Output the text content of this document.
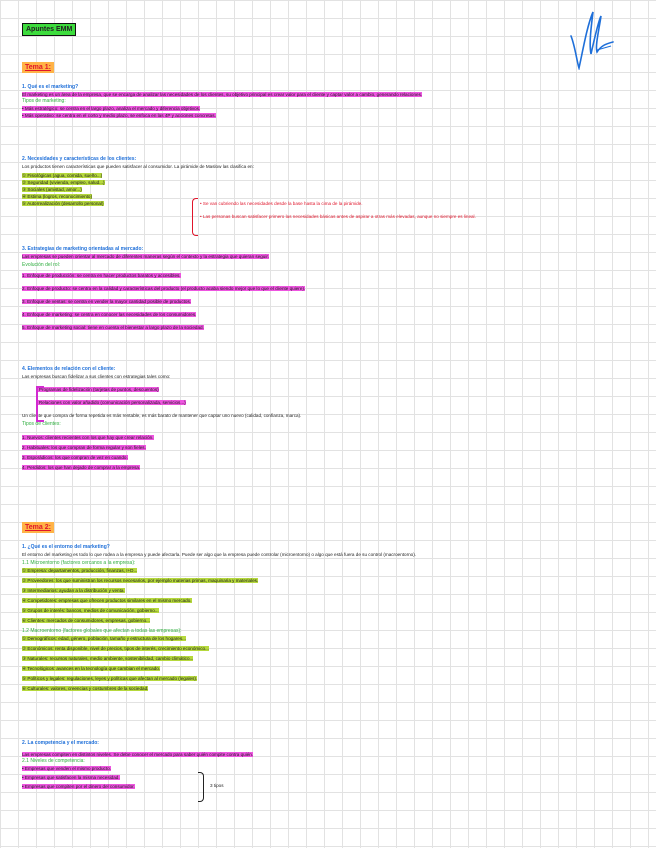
Apuntes EMM
Tema 1:
1. Qué es el marketing?
El marketing es un área de la empresa, que se encarga de analizar las necesidades de los clientes, su objetivo principal es crear valor para el cliente y captar valor a cambio, generando relaciones.
Tipos de marketing:
• Más estratégico: se centra en el largo plazo, analiza el mercado y diferencia objetivos.
• Más operativo: se centra en el corto y medio plazo, se enfoca en las 4P y acciones concretas.
2. Necesidades y características de los clientes:
Los productos tienen características que pueden satisfacer al consumidor. La pirámide de Maslow las clasifica en:
① Fisiológicas (agua, comida, sueño...)
② Seguridad (vivienda, empleo, salud...)
③ Sociales (amistad, amor...)
④ Estima (logros, reconocimiento)
⑤ Autorrealización (desarrollo personal)	• Se van cubriendo las necesidades desde la base hasta la cima de la pirámide.
• Las personas buscan satisfacer primero las necesidades básicas antes de aspirar a otras más elevadas, aunque no siempre es lineal.
3. Estrategias de marketing orientadas al mercado:
Las empresas se pueden orientar al mercado de diferentes maneras según el contexto y la estrategia que quieran seguir.
Evolución del rol:
1. Enfoque de producción: se centra en hacer productos baratos y accesibles.
2. Enfoque de producto: se centra en la calidad y características del producto (el producto acaba siendo mejor que lo que el cliente quiere).
3. Enfoque de ventas: se centra en vender la mayor cantidad posible de productos.
4. Enfoque de marketing: se centra en conocer las necesidades de los consumidores.
5. Enfoque de marketing social: tiene en cuenta el bienestar a largo plazo de la sociedad.
4. Elementos de relación con el cliente:
Las empresas buscan fidelizar a sus clientes con estrategias tales como:
• Programas de fidelización (tarjetas de puntos, descuentos)
• Relaciones con valor añadido (comunicación personalizada, servicios...)
Un cliente que compra de forma repetida es más rentable, es más barato de mantener que captar uno nuevo (calidad, confianza, marca).
Tipos de clientes:
1. Nuevos: clientes recientes con los que hay que crear relación.
2. Habituales: los que compran de forma regular y son fieles.
3. Esporádicos: los que compran de vez en cuando.
4. Perdidos: los que han dejado de comprar a la empresa.
Tema 2:
1. ¿Qué es el entorno del marketing?
El entorno del marketing es todo lo que rodea a la empresa y puede afectarla. Puede ser algo que la empresa puede controlar (microentorno) o algo que está fuera de su control (macroentorno).
1.1 Microentorno (factores cercanos a la empresa):
① Empresa: departamentos, producción, finanzas, I+D...
② Proveedores: los que suministran los recursos necesarios, por ejemplo materias primas, maquinaria y materiales.
③ Intermediarios: ayudan a la distribución y venta.
④ Competidores: empresas que ofrecen productos similares en el mismo mercado.
⑤ Grupos de interés: bancos, medios de comunicación, gobierno...
⑥ Clientes: mercados de consumidores, empresas, gobierno...
1.2 Macroentorno (factores globales que afectan a todas las empresas):
① Demográficos: edad, género, población, tamaño y estructura de los hogares...
② Económicos: renta disponible, nivel de precios, tipos de interés, crecimiento económico...
③ Naturales: recursos naturales, medio ambiente, sostenibilidad, cambio climático...
④ Tecnológicos: avances en la tecnología que cambian el mercado.
⑤ Políticos y legales: regulaciones, leyes y políticas que afectan al mercado (legales).
⑥ Culturales: valores, creencias y costumbres de la sociedad.
2. La competencia y el mercado:
Las empresas compiten en distintos niveles. Se debe conocer el mercado para saber quién compite contra quién.
2.1 Niveles de competencia:
• Empresas que venden el mismo producto.
• Empresas que satisfacen la misma necesidad.
• Empresas que compiten por el dinero del consumidor.	3 tipos
